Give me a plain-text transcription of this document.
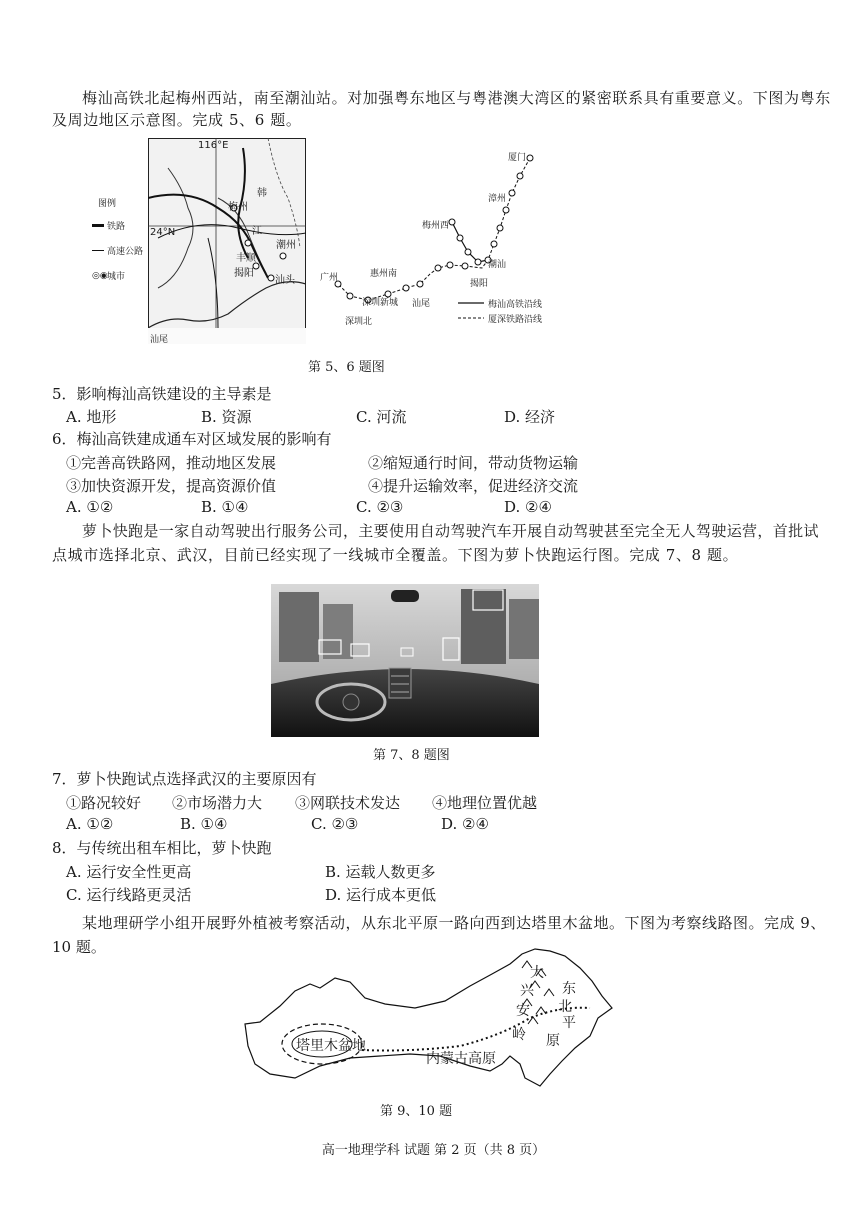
梅汕高铁北起梅州西站，南至潮汕站。对加强粤东地区与粤港澳大湾区的紧密联系具有重要意义。下图为粤东
及周边地区示意图。完成 5、6 题。
116°E
24°N
图例
铁路
高速公路
◎◉ 城市
梅州
丰顺
揭阳
汕头
潮州
汕尾
韩
江
厦门
漳州
梅州西
潮汕
揭阳
汕尾
惠州南
深圳新城
深圳北
广州
梅汕高铁沿线
厦深铁路沿线
第 5、6 题图
5．影响梅汕高铁建设的主导素是
A. 地形	B. 资源	C. 河流	D. 经济
6．梅汕高铁建成通车对区域发展的影响有
①完善高铁路网，推动地区发展	②缩短通行时间，带动货物运输
③加快资源开发，提高资源价值	④提升运输效率，促进经济交流
A. ①②	B. ①④	C. ②③	D. ②④
萝卜快跑是一家自动驾驶出行服务公司，主要使用自动驾驶汽车开展自动驾驶甚至完全无人驾驶运营，首批试
点城市选择北京、武汉，目前已经实现了一线城市全覆盖。下图为萝卜快跑运行图。完成 7、8 题。
第 7、8 题图
7．萝卜快跑试点选择武汉的主要原因有
①路况较好 ②市场潜力大 ③网联技术发达 ④地理位置优越
A. ①②	B. ①④	C. ②③	D. ②④
8．与传统出租车相比，萝卜快跑
A. 运行安全性更高	B. 运载人数更多
C. 运行线路更灵活	D. 运行成本更低
某地理研学小组开展野外植被考察活动，从东北平原一路向西到达塔里木盆地。下图为考察线路图。完成 9、
10 题。
塔里木盆地
内蒙古高原
大
兴
安
岭
东
北
平
原
第 9、10 题
高一地理学科 试题 第 2 页（共 8 页）
